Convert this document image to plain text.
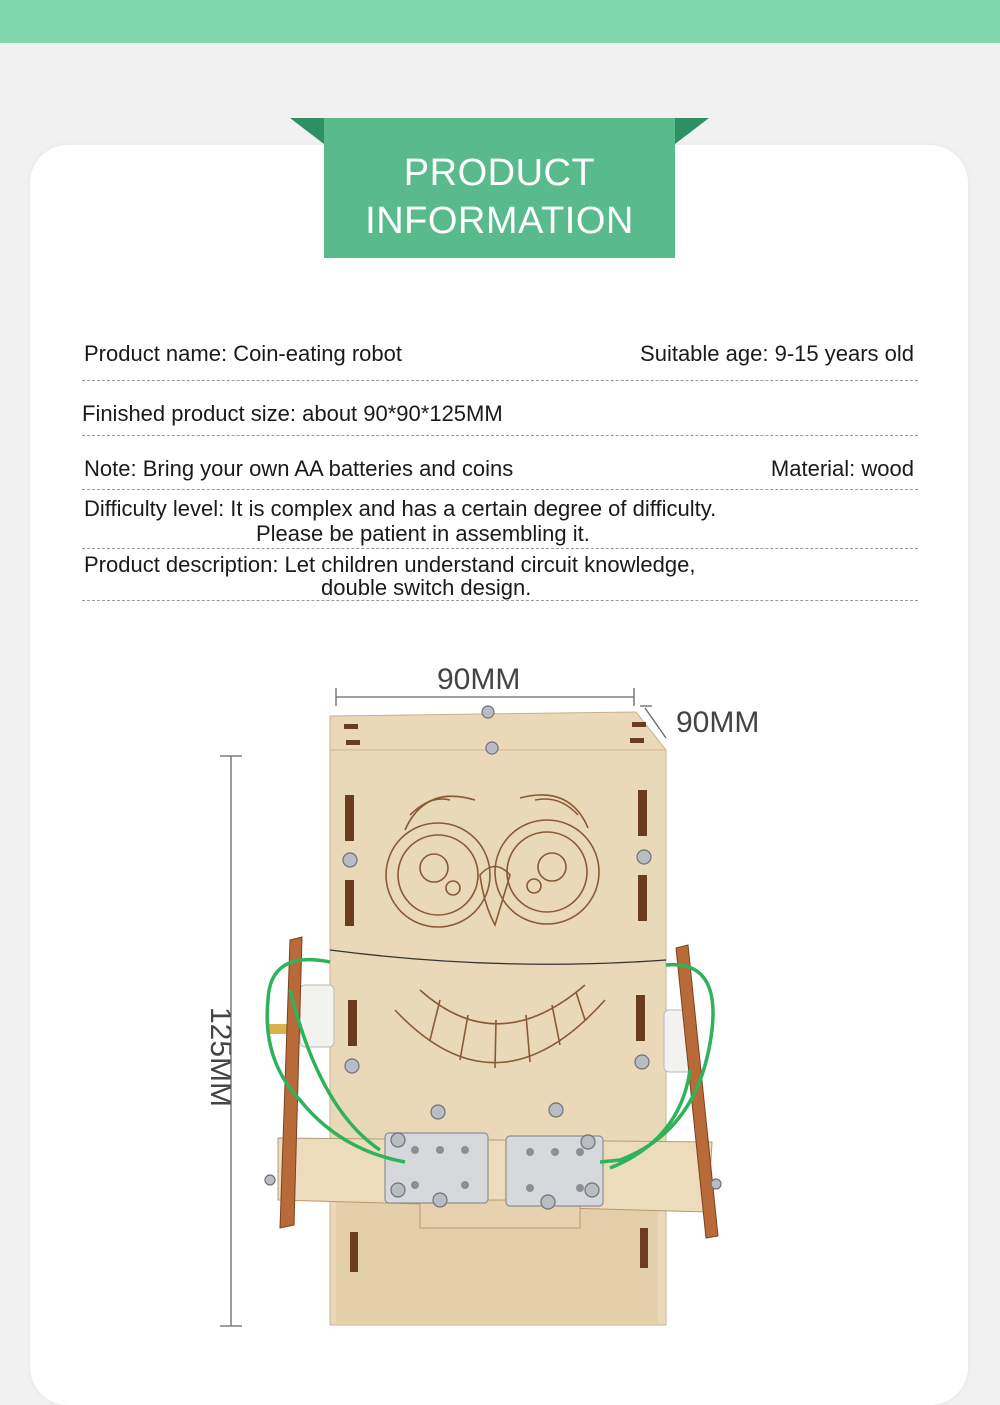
PRODUCT
INFORMATION
Product name: Coin-eating robot	Suitable age: 9-15 years old
Finished product size: about 90*90*125MM
Note: Bring your own AA batteries and coins	Material: wood
Difficulty level: It is complex and has a certain degree of difficulty.
Please be patient in assembling it.
Product description: Let children understand circuit knowledge,
double switch design.
90MM
90MM
125MM
